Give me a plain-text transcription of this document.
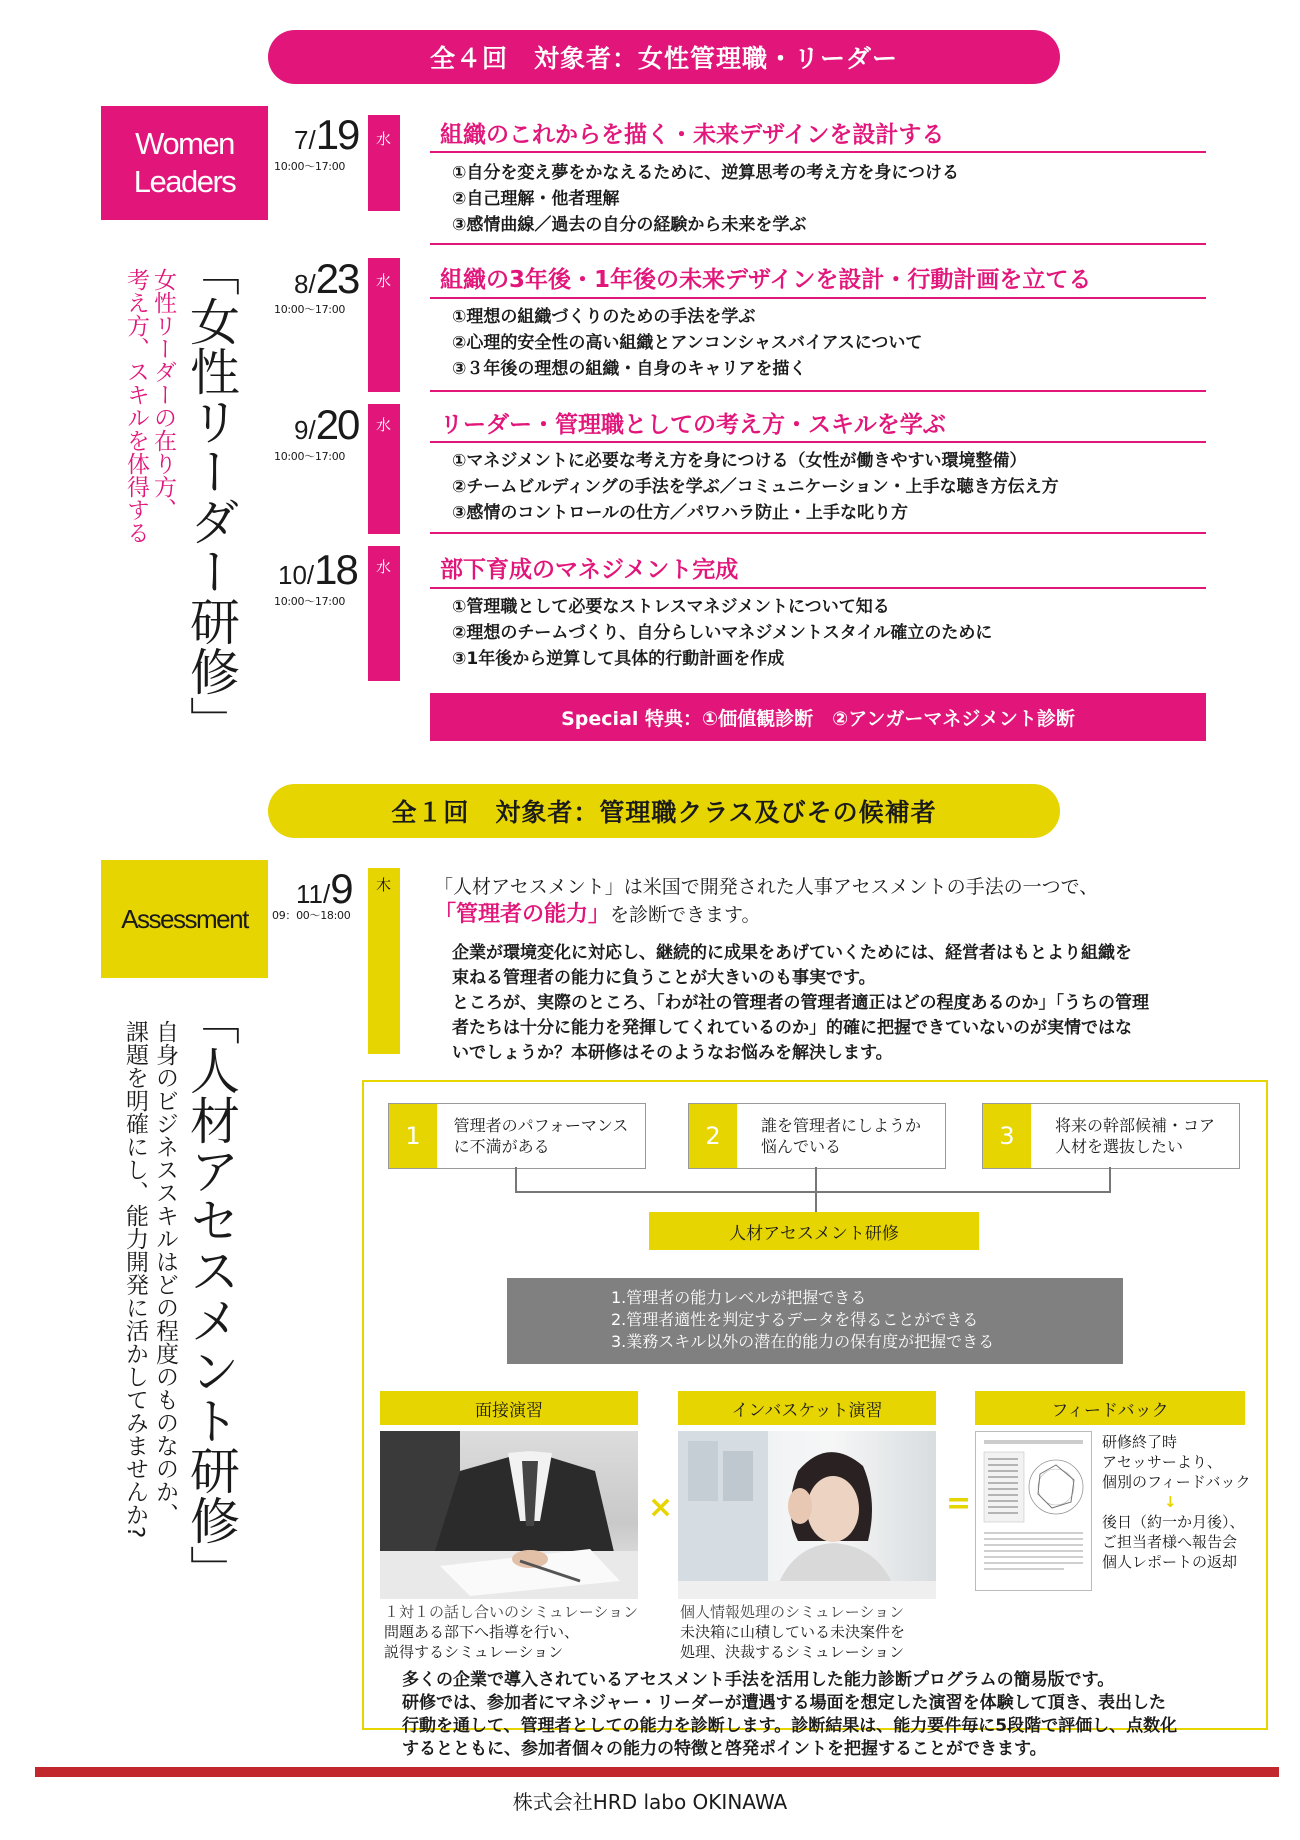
全４回　対象者：女性管理職・リーダー
Women
Leaders
「女性リーダー研修」
女性リーダーの在り方、
考え方、スキルを体得する
7/19
10:00～17:00
水 組織のこれからを描く・未来デザインを設計する
①自分を変え夢をかなえるために、逆算思考の考え方を身につける
②自己理解・他者理解
③感情曲線／過去の自分の経験から未来を学ぶ
8/23
10:00～17:00
水 組織の3年後・1年後の未来デザインを設計・行動計画を立てる
①理想の組織づくりのための手法を学ぶ
②心理的安全性の高い組織とアンコンシャスバイアスについて
③３年後の理想の組織・自身のキャリアを描く
9/20
10:00～17:00
水 リーダー・管理職としての考え方・スキルを学ぶ
①マネジメントに必要な考え方を身につける（女性が働きやすい環境整備）
②チームビルディングの手法を学ぶ／コミュニケーション・上手な聴き方伝え方
③感情のコントロールの仕方／パワハラ防止・上手な叱り方
10/18
10:00～17:00
水 部下育成のマネジメント完成
①管理職として必要なストレスマネジメントについて知る
②理想のチームづくり、自分らしいマネジメントスタイル確立のために
③1年後から逆算して具体的行動計画を作成
Special 特典：①価値観診断　②アンガーマネジメント診断
全１回　対象者：管理職クラス及びその候補者
Assessment
「人材アセスメント研修」
自身のビジネススキルはどの程度のものなのか、
課題を明確にし、能力開発に活かしてみませんか?
11/9
09：00～18:00
木 「人材アセスメント」は米国で開発された人事アセスメントの手法の一つで、
「管理者の能力」を診断できます。
企業が環境変化に対応し、継続的に成果をあげていくためには、経営者はもとより組織を
束ねる管理者の能力に負うことが大きいのも事実です。
ところが、実際のところ、「わが社の管理者の管理者適正はどの程度あるのか」「うちの管理
者たちは十分に能力を発揮してくれているのか」的確に把握できていないのが実情ではな
いでしょうか？本研修はそのようなお悩みを解決します。
1	管理者のパフォーマンス
に不満がある	2	誰を管理者にしようか
悩んでいる	3	将来の幹部候補・コア
人材を選抜したい
人材アセスメント研修
1.管理者の能力レベルが把握できる
2.管理者適性を判定するデータを得ることができる
3.業務スキル以外の潜在的能力の保有度が把握できる
面接演習	インバスケット演習	フィードバック
×	=
研修終了時
アセッサーより、
個別のフィードバック
↓
後日（約一か月後）、
ご担当者様へ報告会
個人レポートの返却
１対１の話し合いのシミュレーション
問題ある部下へ指導を行い、
説得するシミュレーション
個人情報処理のシミュレーション
未決箱に山積している未決案件を
処理、決裁するシミュレーション
多くの企業で導入されているアセスメント手法を活用した能力診断プログラムの簡易版です。
研修では、参加者にマネジャー・リーダーが遭遇する場面を想定した演習を体験して頂き、表出した
行動を通して、管理者としての能力を診断します。診断結果は、能力要件毎に5段階で評価し、点数化
するとともに、参加者個々の能力の特徴と啓発ポイントを把握することができます。
株式会社HRD labo OKINAWA
